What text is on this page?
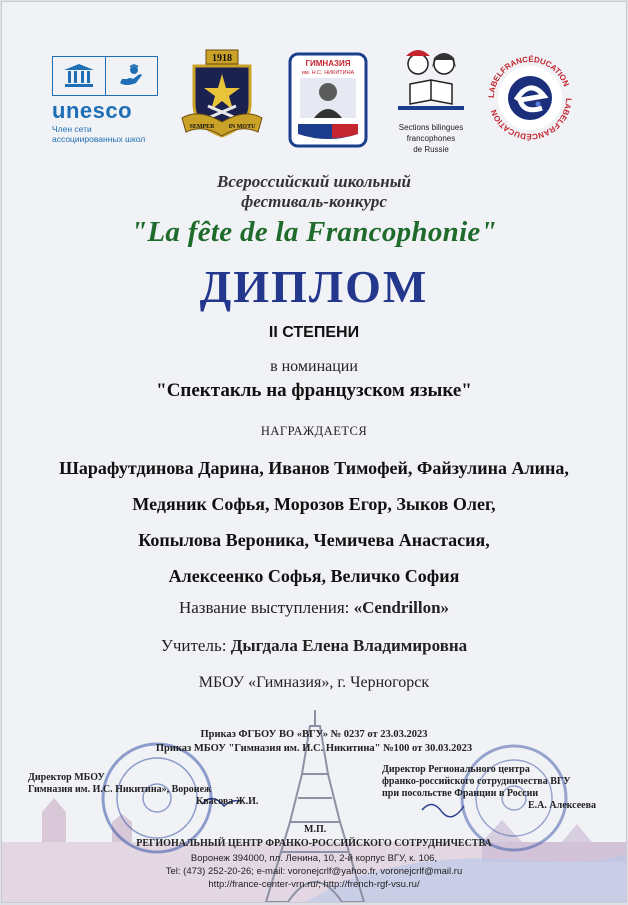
unesco
Член сети
ассоциированных школ
1918
SEMPER IN MOTU
ГИМНАЗИЯ
им. Н.С. НИКИТИНА
Sections bilingues
francophones
de Russie
LABELFRANCÉDUCATION
LABELFRANCÉDUCATION
Всероссийский школьный
фестиваль-конкурс
"La fête de la Francophonie"
ДИПЛОМ
II СТЕПЕНИ
в номинации
"Спектакль на французском языке"
НАГРАЖДАЕТСЯ
Шарафутдинова Дарина, Иванов Тимофей, Файзулина Алина,
Медяник Софья, Морозов Егор, Зыков Олег,
Копылова Вероника, Чемичева Анастасия,
Алексеенко Софья, Величко София
Название выступления: «Cendrillon»
Учитель: Дыгдала Елена Владимировна
МБОУ «Гимназия», г. Черногорск
Приказ ФГБОУ ВО «ВГУ» № 0237 от 23.03.2023
Приказ МБОУ "Гимназия им. И.С. Никитина" №100 от 30.03.2023
Директор МБОУ
Гимназия им. И.С. Никитина», Воронеж
Квасова Ж.И.
Директор Регионального центра
франко-российского сотрудничества ВГУ
при посольстве Франции в России
Е.А. Алексеева
М.П.
РЕГИОНАЛЬНЫЙ ЦЕНТР ФРАНКО-РОССИЙСКОГО СОТРУДНИЧЕСТВА
Воронеж 394000, пл. Ленина, 10, 2-й корпус ВГУ, к. 106,
Tel: (473) 252-20-26; e-mail: voronejcrlf@yahoo.fr, voronejcrlf@mail.ru
http://france-center-vrn.ru/; http://french-rgf-vsu.ru/
